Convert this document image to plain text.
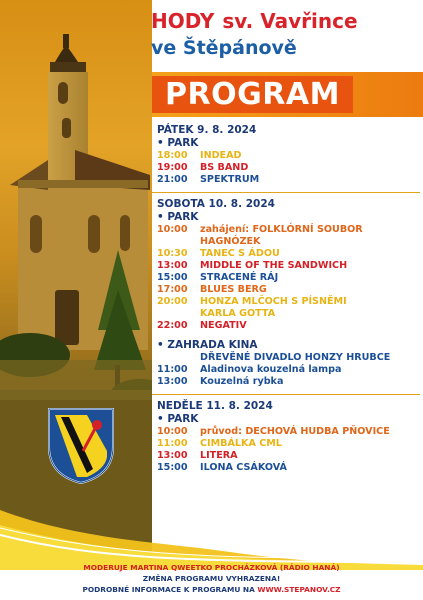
HODY sv. Vavřince
ve Štěpánově
PROGRAM
PÁTEK 9. 8. 2024
• PARK
18:00	INDEAD
19:00	BS BAND
21:00	SPEKTRUM
SOBOTA 10. 8. 2024
• PARK
10:00	zahájení: FOLKLÓRNÍ SOUBOR
HAGNÓZEK
10:30	TANEC S ÁDOU
13:00	MIDDLE OF THE SANDWICH
15:00	STRACENÉ RÁJ
17:00	BLUES BERG
20:00	HONZA MLČOCH S PÍSNĚMI
KARLA GOTTA
22:00	NEGATIV
• ZAHRADA KINA
DŘEVĚNÉ DIVADLO HONZY HRUBCE
11:00	Aladinova kouzelná lampa
13:00	Kouzelná rybka
NEDĚLE 11. 8. 2024
• PARK
10:00	průvod: DECHOVÁ HUDBA PŇOVICE
11:00	CIMBÁLKA CML
13:00	LITERA
15:00	ILONA CSÁKOVÁ
MODERUJE MARTINA QWEETKO PROCHÁZKOVÁ (RÁDIO HANÁ)
ZMĚNA PROGRAMU VYHRAZENA!
PODROBNÉ INFORMACE K PROGRAMU NA WWW.STEPANOV.CZ
